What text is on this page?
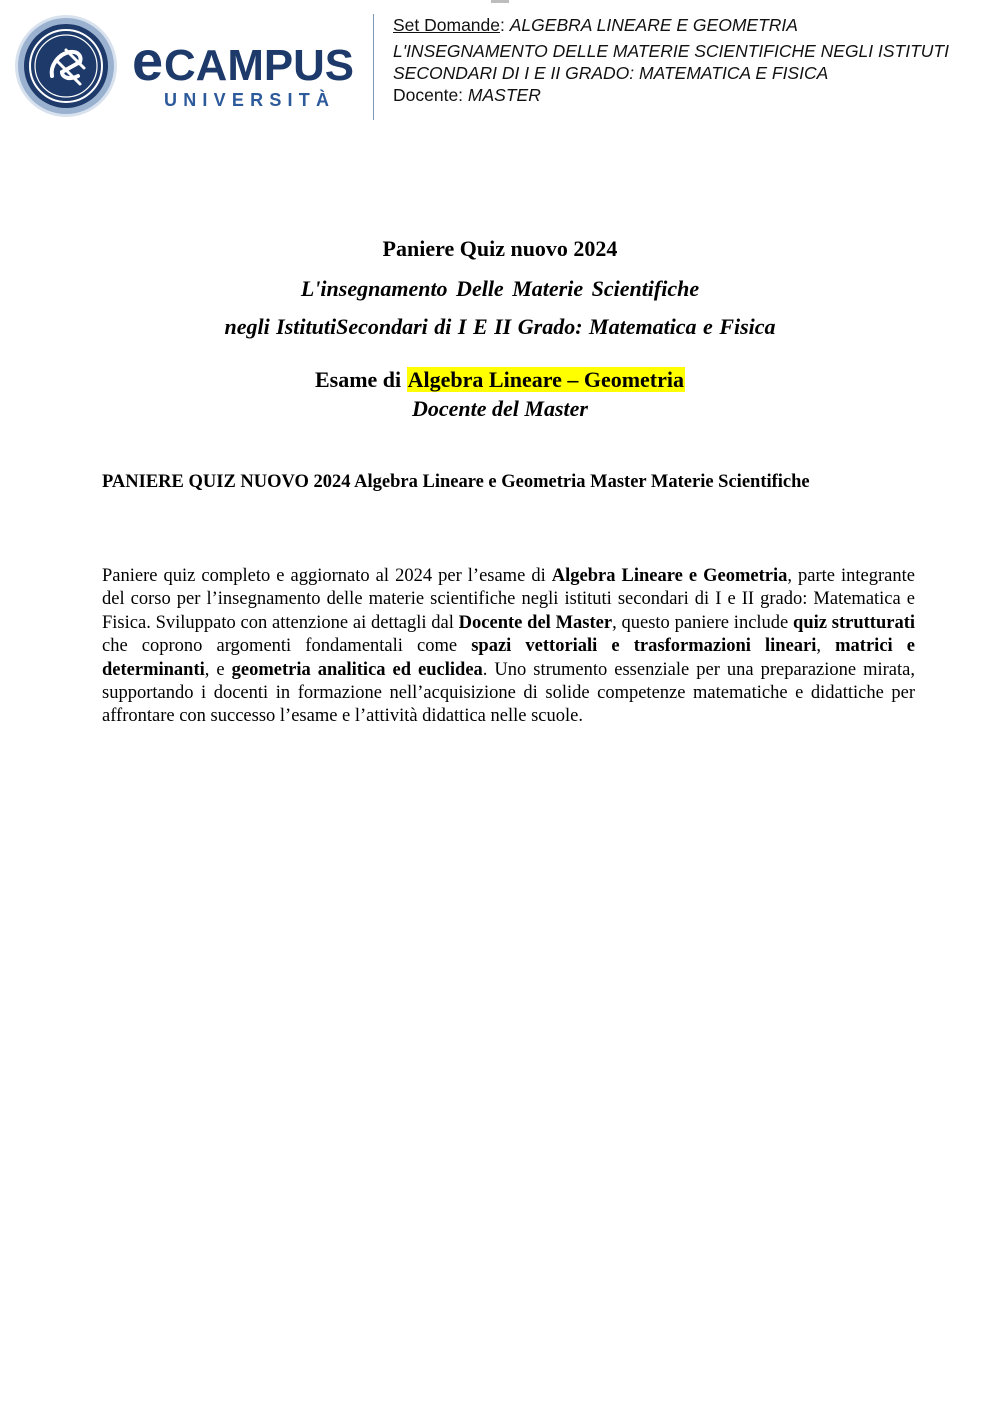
e CAMPUS
UNIVERSITÀ
Set Domande: ALGEBRA LINEARE E GEOMETRIA
L'INSEGNAMENTO DELLE MATERIE SCIENTIFICHE NEGLI ISTITUTI
SECONDARI DI I E II GRADO: MATEMATICA E FISICA
Docente: MASTER
Paniere Quiz nuovo 2024
L'insegnamento Delle Materie Scientifiche
negli IstitutiSecondari di I E II Grado: Matematica e Fisica
Esame di Algebra Lineare – Geometria
Docente del Master
PANIERE QUIZ NUOVO 2024 Algebra Lineare e Geometria Master Materie Scientifiche
Paniere quiz completo e aggiornato al 2024 per l’esame di Algebra Lineare e Geometria, parte integrante del corso per l’insegnamento delle materie scientifiche negli istituti secondari di I e II grado: Matematica e Fisica. Sviluppato con attenzione ai dettagli dal Docente del Master, questo paniere include quiz strutturati che coprono argomenti fondamentali come spazi vettoriali e trasformazioni lineari, matrici e determinanti, e geometria analitica ed euclidea. Uno strumento essenziale per una preparazione mirata, supportando i docenti in formazione nell’acquisizione di solide competenze matematiche e didattiche per affrontare con successo l’esame e l’attività didattica nelle scuole.
